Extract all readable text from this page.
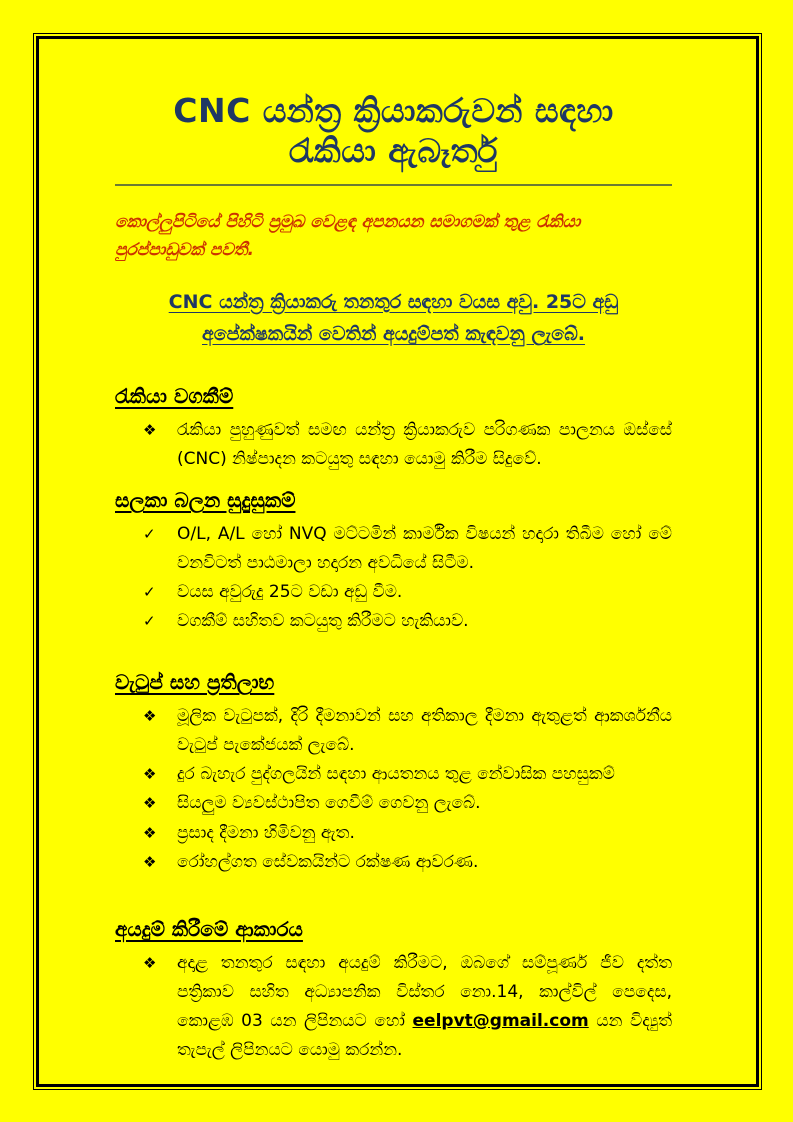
CNC යන්ත්‍ර ක්‍රියාකරුවන් සඳහා
රැකියා ඇබෑර්තු

කොල්ලුපිටියේ පිහිටි ප්‍රමුඛ වෙළඳ අපනයන සමාගමක් තුළ රැකියා පුරප්පාඩුවක් පවතී.

CNC යන්ත්‍ර ක්‍රියාකරු තනතුර සඳහා වයස අවු. 25ට අඩු අපේක්ෂකයින් වෙතින් අයදුම්පත් කැඳවනු ලැබේ.

රැකියා වගකීම්
❖	රැකියා පුහුණුවත් සමඟ යන්ත්‍ර ක්‍රියාකරුව පරිගණක පාලනය ඔස්සේ (CNC) නිෂ්පාදන කටයුතු සඳහා යොමු කිරීම සිදුවේ.
සලකා බලන සුදුසුකම්
✓	O/L, A/L හෝ NVQ මට්ටමින් කාර්මික විෂයන් හදාරා තිබීම හෝ මේ වනවිටත් පාඨමාලා හදාරන අවධියේ සිටීම.
✓	වයස අවුරුදු 25ට වඩා අඩු වීම.
✓	වගකීම් සහිතව කටයුතු කිරීමට හැකියාව.
වැටුප් සහ ප්‍රතිලාභ
❖	මූලික වැටුපක්, දිරි දීමනාවන් සහ අතිකාල දීමනා ඇතුළත් ආකර්ශනීය වැටුප් පැකේජයක් ලැබේ.
❖	දුර බැහැර පුද්ගලයින් සඳහා ආයතනය තුළ නේවාසික පහසුකම්
❖	සියලුම ව්‍යවස්ථාපිත ගෙවීම් ගෙවනු ලැබේ.
❖	ප්‍රසාද දීමනා හිමිවනු ඇත.
❖	රෝහල්ගත සේවකයින්ට රක්ෂණ ආවරණ.
අයදුම් කිරීමේ ආකාරය
❖	අදාළ තනතුර සඳහා අයදුම් කිරීමට, ඔබගේ සම්පූර්ණ ජීව දත්ත පත්‍රිකාව සහිත අධ්‍යාපනික විස්තර නො.14, කාල්විල් පෙදෙස, කොළඹ 03 යන ලිපිනයට හෝ eelpvt@gmail.com යන විද්‍යුත් තැපැල් ලිපිනයට යොමු කරන්න.
